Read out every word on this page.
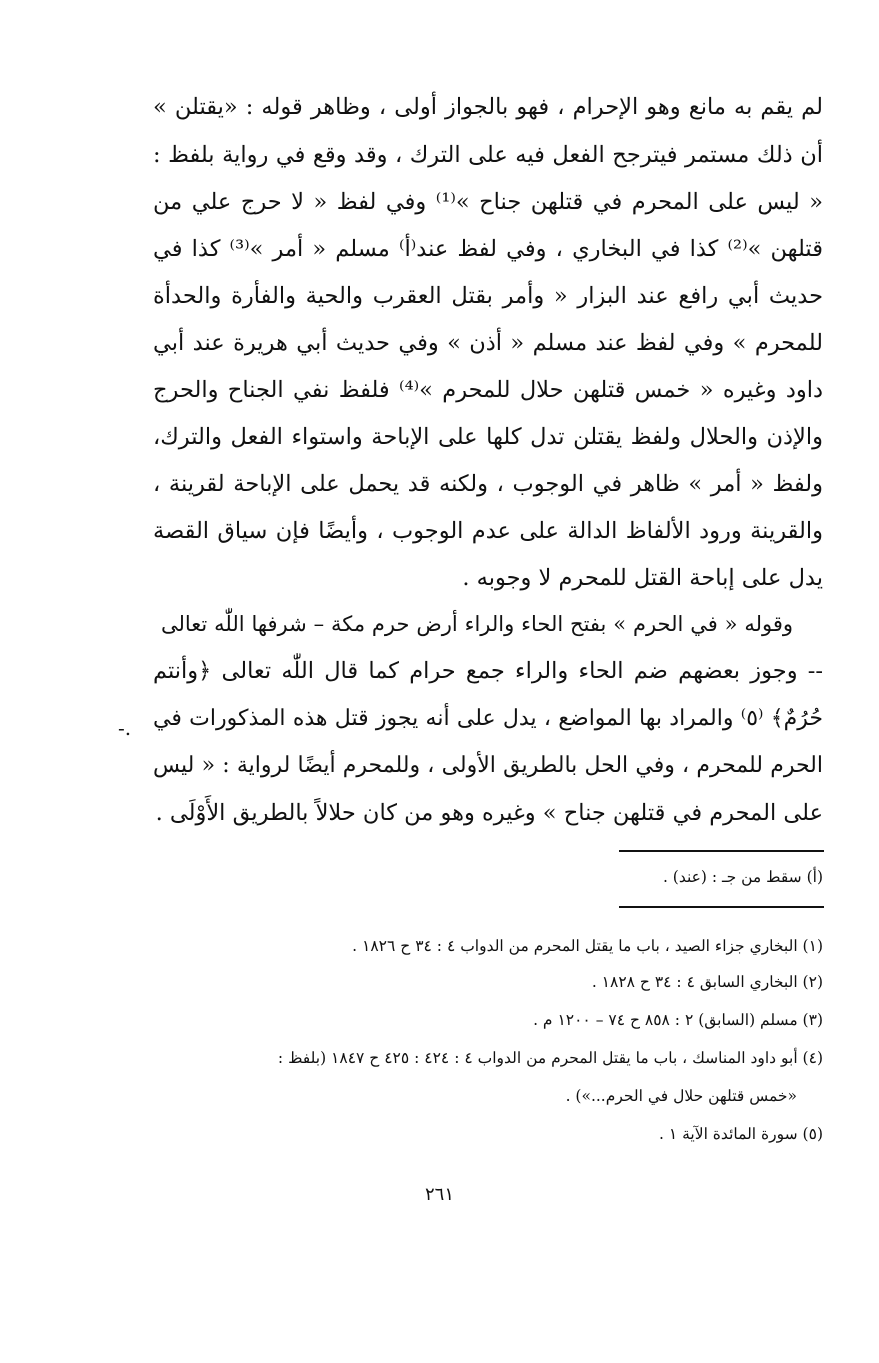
لم يقم به مانع وهو الإحرام ، فهو بالجواز أولى ، وظاهر قوله : «يقتلن »
أن ذلك مستمر فيترجح الفعل فيه على الترك ، وقد وقع في رواية بلفظ :
« ليس على المحرم في قتلهن جناح »⁽¹⁾ وفي لفظ « لا حرج علي من
قتلهن »⁽²⁾ كذا في البخاري ، وفي لفظ عند⁽أ⁾ مسلم « أمر »⁽³⁾ كذا في
حديث أبي رافع عند البزار « وأمر بقتل العقرب والحية والفأرة والحدأة
للمحرم » وفي لفظ عند مسلم « أذن » وفي حديث أبي هريرة عند أبي
داود وغيره « خمس قتلهن حلال للمحرم »⁽⁴⁾ فلفظ نفي الجناح والحرج
والإذن والحلال ولفظ يقتلن تدل كلها على الإباحة واستواء الفعل والترك،
ولفظ « أمر » ظاهر في الوجوب ، ولكنه قد يحمل على الإباحة لقرينة ،
والقرينة ورود الألفاظ الدالة على عدم الوجوب ، وأيضًا فإن سياق القصة
يدل على إباحة القتل للمحرم لا وجوبه .
وقوله « في الحرم » بفتح الحاء والراء أرض حرم مكة – شرفها اللّٰه تعالى
-- وجوز بعضهم ضم الحاء والراء جمع حرام كما قال اللّٰه تعالى ﴿وأنتم
حُرُمٌ﴾ ⁽٥⁾ والمراد بها المواضع ، يدل على أنه يجوز قتل هذه المذكورات في
الحرم للمحرم ، وفي الحل بالطريق الأولى ، وللمحرم أيضًا لرواية : « ليس
على المحرم في قتلهن جناح » وغيره وهو من كان حلالاً بالطريق الأَوْلَى .
-.
(أ) سقط من جـ : (عند) .
(١) البخاري جزاء الصيد ، باب ما يقتل المحرم من الدواب ٤ : ٣٤ ح ١٨٢٦ .
(٢) البخاري السابق ٤ : ٣٤ ح ١٨٢٨ .
(٣) مسلم (السابق) ٢ : ٨٥٨ ح ٧٤ – ١٢٠٠ م .
(٤) أبو داود المناسك ، باب ما يقتل المحرم من الدواب ٤ : ٤٢٤ : ٤٢٥ ح ١٨٤٧ (بلفظ :
«خمس قتلهن حلال في الحرم...») .
(٥) سورة المائدة الآية ١ .
٢٦١
